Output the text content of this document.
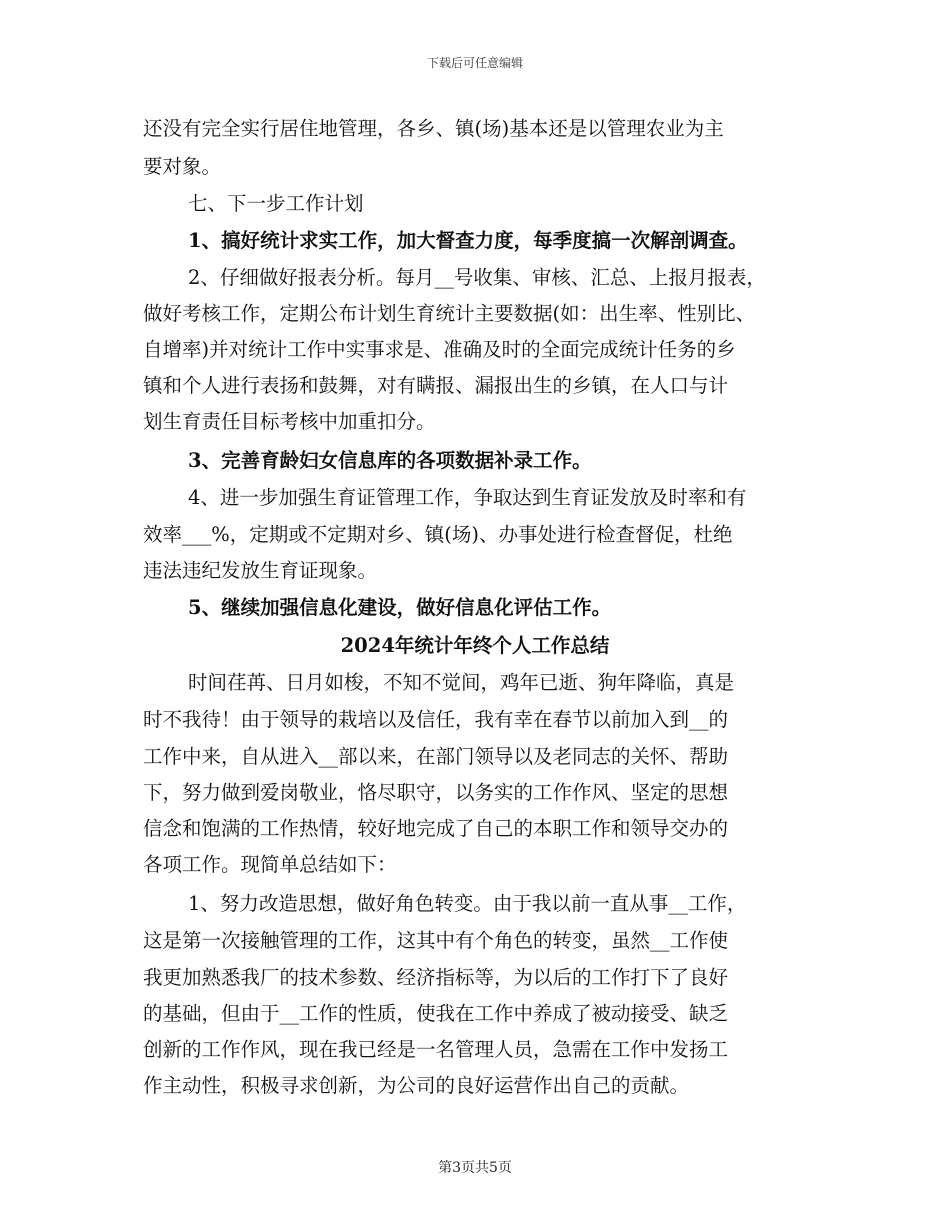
下载后可任意编辑
还没有完全实行居住地管理，各乡、镇(场)基本还是以管理农业为主
要对象。
七、下一步工作计划
1、搞好统计求实工作，加大督查力度，每季度搞一次解剖调查。
2、仔细做好报表分析。每月__号收集、审核、汇总、上报月报表，
做好考核工作，定期公布计划生育统计主要数据(如：出生率、性别比、
自增率)并对统计工作中实事求是、准确及时的全面完成统计任务的乡
镇和个人进行表扬和鼓舞，对有瞒报、漏报出生的乡镇，在人口与计
划生育责任目标考核中加重扣分。
3、完善育龄妇女信息库的各项数据补录工作。
4、进一步加强生育证管理工作，争取达到生育证发放及时率和有
效率___%，定期或不定期对乡、镇(场)、办事处进行检查督促，杜绝
违法违纪发放生育证现象。
5、继续加强信息化建设，做好信息化评估工作。
2024年统计年终个人工作总结
时间荏苒、日月如梭，不知不觉间，鸡年已逝、狗年降临，真是
时不我待！由于领导的栽培以及信任，我有幸在春节以前加入到__的
工作中来，自从进入__部以来，在部门领导以及老同志的关怀、帮助
下，努力做到爱岗敬业，恪尽职守，以务实的工作作风、坚定的思想
信念和饱满的工作热情，较好地完成了自己的本职工作和领导交办的
各项工作。现简单总结如下：
1、努力改造思想，做好角色转变。由于我以前一直从事__工作，
这是第一次接触管理的工作，这其中有个角色的转变，虽然__工作使
我更加熟悉我厂的技术参数、经济指标等，为以后的工作打下了良好
的基础，但由于__工作的性质，使我在工作中养成了被动接受、缺乏
创新的工作作风，现在我已经是一名管理人员，急需在工作中发扬工
作主动性，积极寻求创新，为公司的良好运营作出自己的贡献。
第3页共5页
